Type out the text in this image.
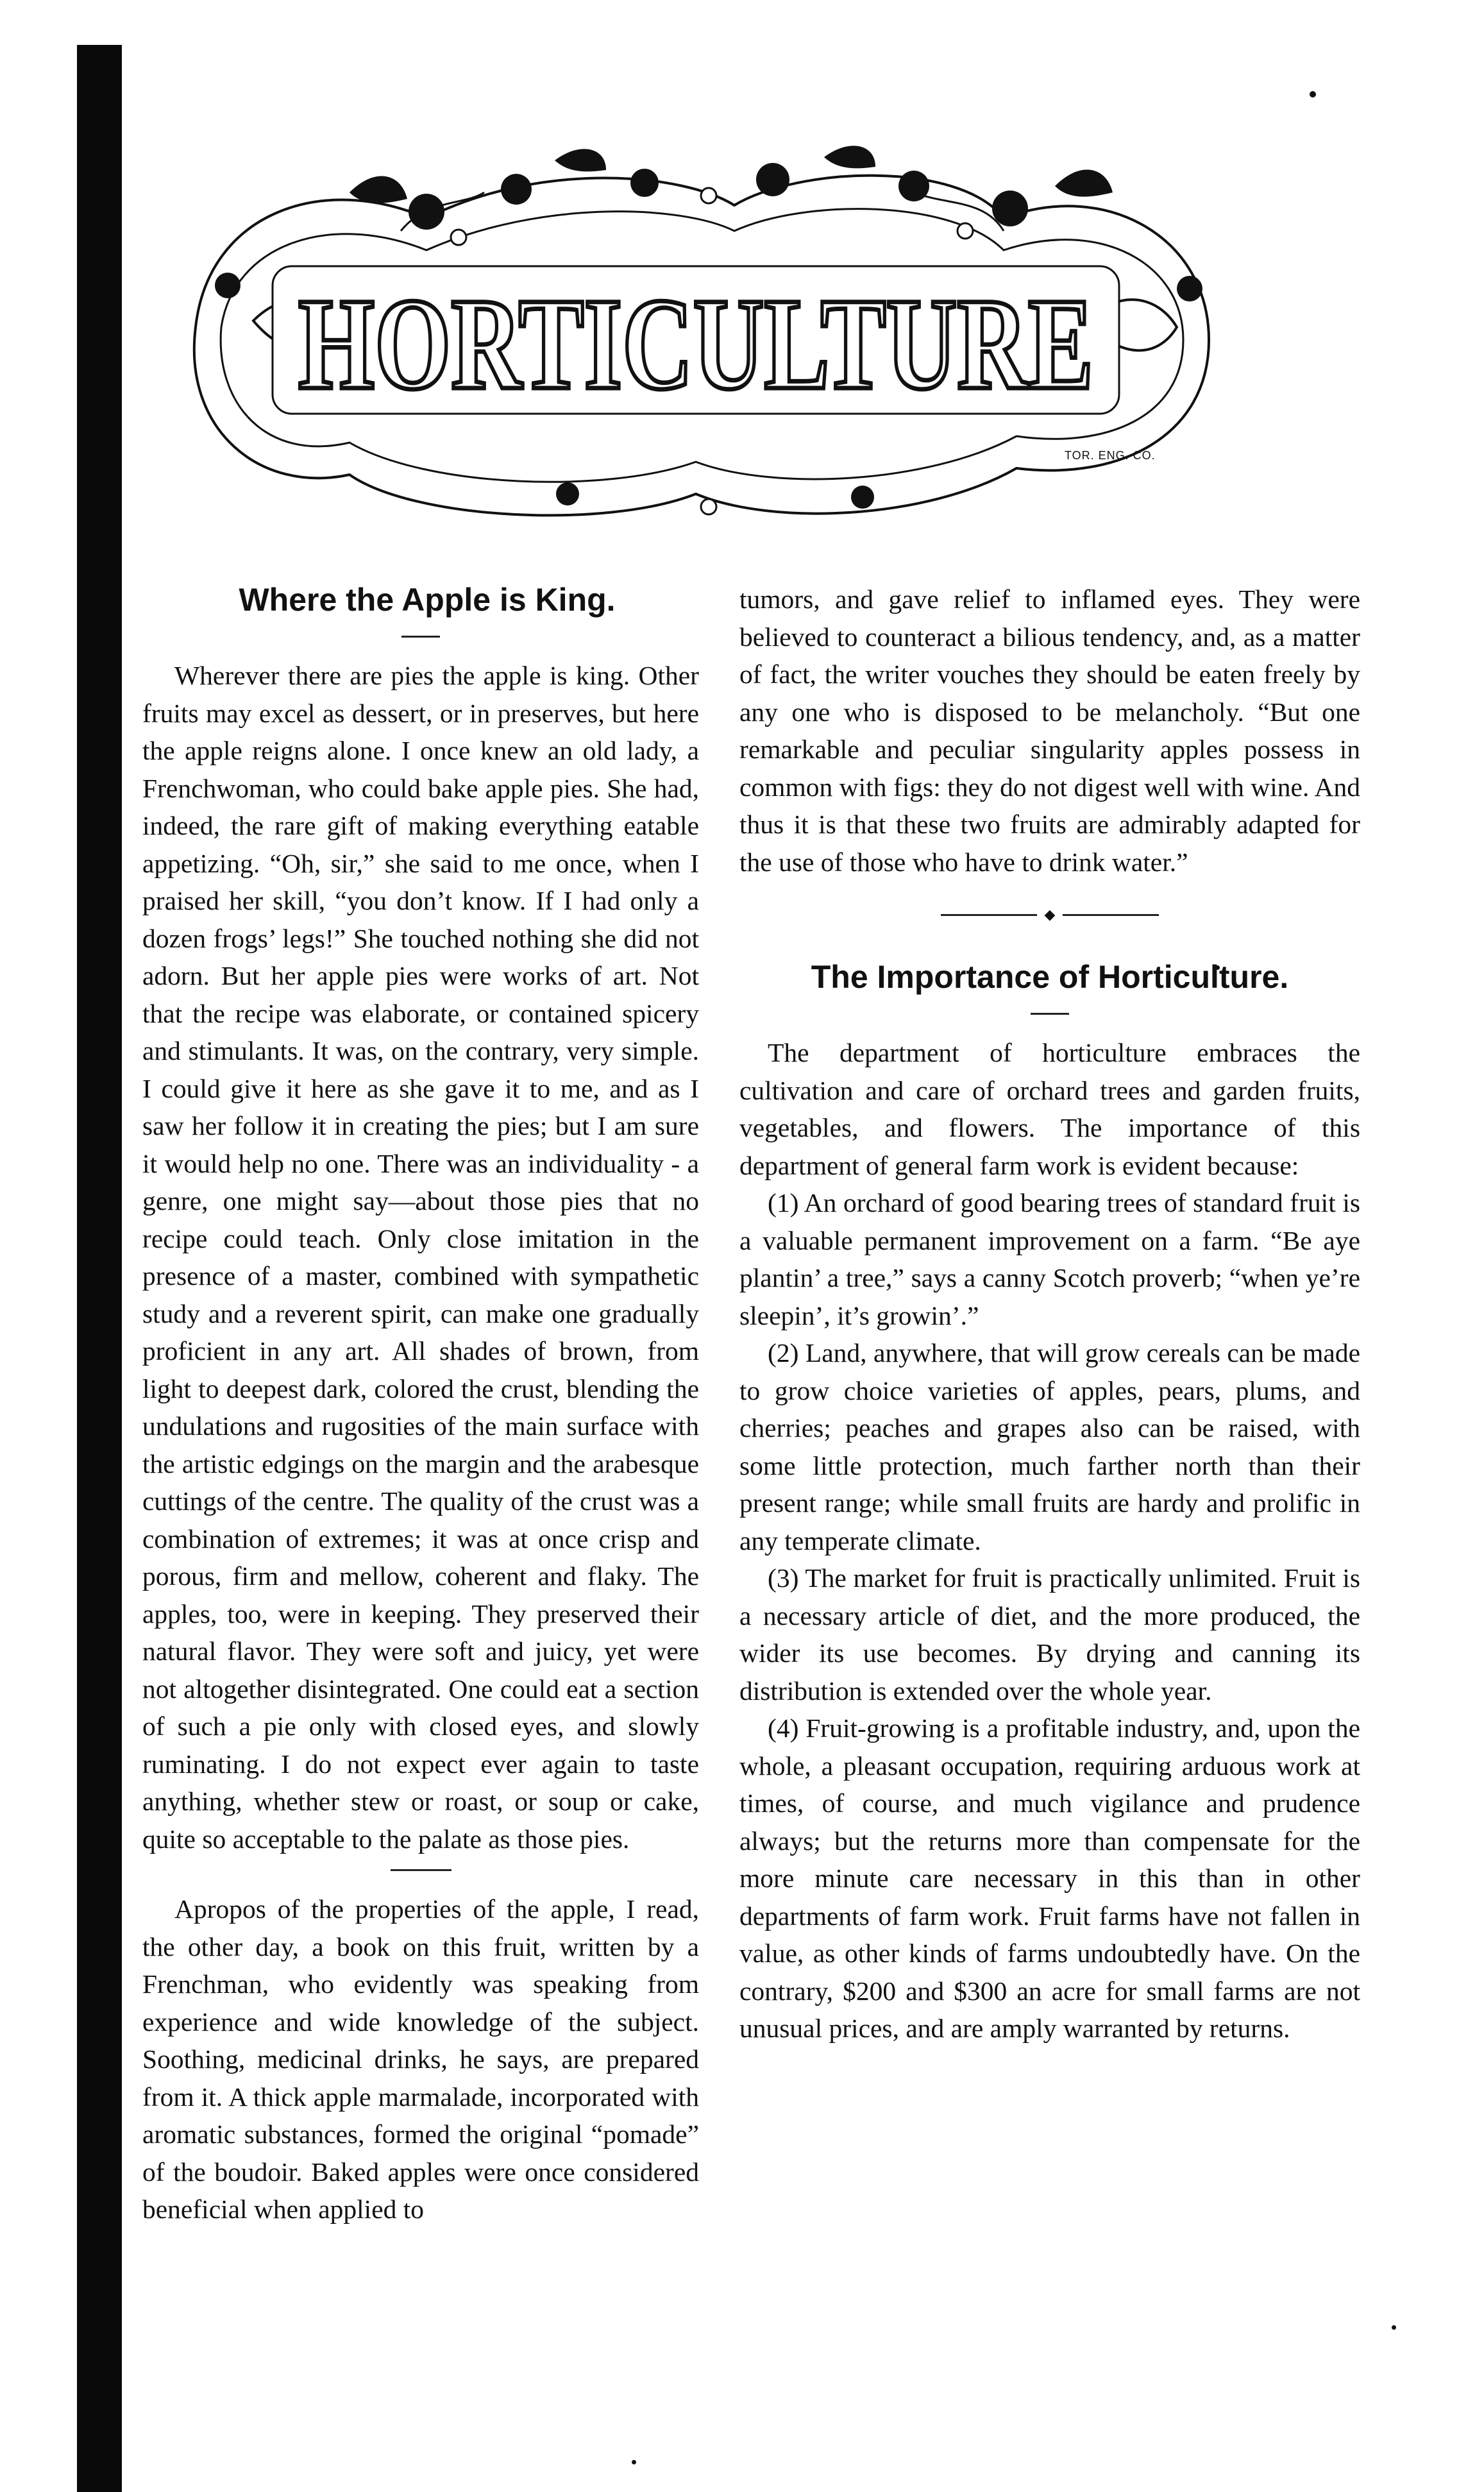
HORTICULTURE
TOR. ENG. CO.
Where the Apple is King.

Wherever there are pies the apple is king. Other fruits may excel as dessert, or in preserves, but here the apple reigns alone. I once knew an old lady, a Frenchwoman, who could bake apple pies. She had, indeed, the rare gift of making everything eatable appetizing. “Oh, sir,” she said to me once, when I praised her skill, “you don’t know. If I had only a dozen frogs’ legs!” She touched nothing she did not adorn. But her apple pies were works of art. Not that the recipe was elaborate, or contained spicery and stimulants. It was, on the contrary, very simple. I could give it here as she gave it to me, and as I saw her follow it in creating the pies; but I am sure it would help no one. There was an individuality - a genre, one might say—about those pies that no recipe could teach. Only close imitation in the presence of a master, combined with sympathetic study and a reverent spirit, can make one gradually proficient in any art. All shades of brown, from light to deepest dark, colored the crust, blending the undulations and rugosities of the main surface with the artistic edgings on the margin and the arabesque cuttings of the centre. The quality of the crust was a combination of extremes; it was at once crisp and porous, firm and mellow, coherent and flaky. The apples, too, were in keeping. They preserved their natural flavor. They were soft and juicy, yet were not altogether disintegrated. One could eat a section of such a pie only with closed eyes, and slowly ruminating. I do not expect ever again to taste anything, whether stew or roast, or soup or cake, quite so acceptable to the palate as those pies.

Apropos of the properties of the apple, I read, the other day, a book on this fruit, written by a Frenchman, who evidently was speaking from experience and wide knowledge of the subject. Soothing, medicinal drinks, he says, are prepared from it. A thick apple marmalade, incorporated with aromatic substances, formed the original “pomade” of the boudoir. Baked apples were once considered beneficial when applied to

tumors, and gave relief to inflamed eyes. They were believed to counteract a bilious tendency, and, as a matter of fact, the writer vouches they should be eaten freely by any one who is disposed to be melancholy. “But one remarkable and peculiar singularity apples possess in common with figs: they do not digest well with wine. And thus it is that these two fruits are admirably adapted for the use of those who have to drink water.”

◆
The Importance of Horticulture.

The department of horticulture embraces the cultivation and care of orchard trees and garden fruits, vegetables, and flowers. The importance of this department of general farm work is evident because:

(1) An orchard of good bearing trees of standard fruit is a valuable permanent improvement on a farm. “Be aye plantin’ a tree,” says a canny Scotch proverb; “when ye’re sleepin’, it’s growin’.”

(2) Land, anywhere, that will grow cereals can be made to grow choice varieties of apples, pears, plums, and cherries; peaches and grapes also can be raised, with some little protection, much farther north than their present range; while small fruits are hardy and prolific in any temperate climate.

(3) The market for fruit is practically unlimited. Fruit is a necessary article of diet, and the more produced, the wider its use becomes. By drying and canning its distribution is extended over the whole year.

(4) Fruit-growing is a profitable industry, and, upon the whole, a pleasant occupation, requiring arduous work at times, of course, and much vigilance and prudence always; but the returns more than compensate for the more minute care necessary in this than in other departments of farm work. Fruit farms have not fallen in value, as other kinds of farms undoubtedly have. On the contrary, $200 and $300 an acre for small farms are not unusual prices, and are amply warranted by returns.
